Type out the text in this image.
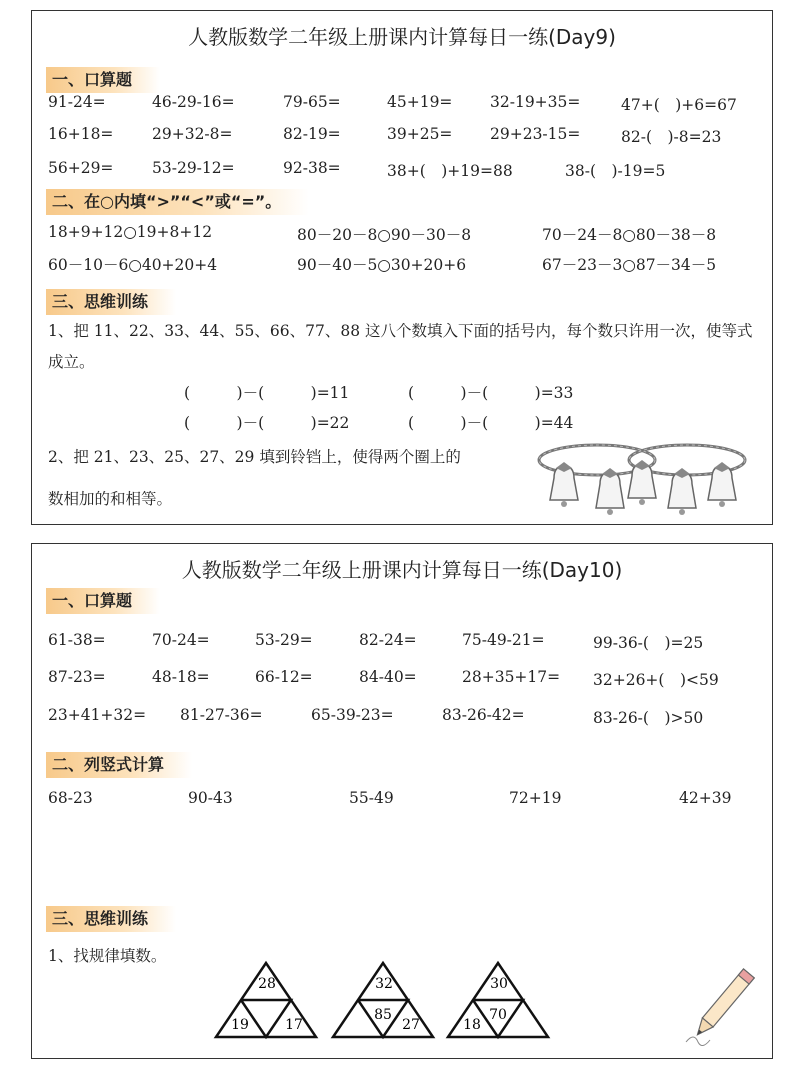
人教版数学二年级上册课内计算每日一练(Day9)
一、口算题
91-24=	46-29-16=	79-65=	45+19= 32-19+35=	47+(　)+6=67
16+18= 29+32-8=	82-19=	39+25= 29+23-15=	82-(　)-8=23
56+29= 53-29-12=	92-38=	38+(　)+19=88	38-(　)-19=5
二、在○内填“>”“<”或“=”。
18+9+12○19+8+12	80－20－8○90－30－8	70－24－8○80－38－8
60－10－6○40+20+4	90－40－5○30+20+6	67－23－3○87－34－5
三、思维训练
1、把 11、22、33、44、55、66、77、88 这八个数填入下面的括号内，每个数只许用一次，使等式成立。
(　　　)－(　　　)=11	(　　　)－(　　　)=33
(　　　)－(　　　)=22	(　　　)－(　　　)=44
2、把 21、23、25、27、29 填到铃铛上，使得两个圈上的
数相加的和相等。
人教版数学二年级上册课内计算每日一练(Day10)
一、口算题
61-38=	70-24=	53-29=	82-24=	75-49-21=	99-36-(　)=25
87-23=	48-18=	66-12=	84-40=	28+35+17= 32+26+(　)<59
23+41+32= 81-27-36=	65-39-23=	83-26-42=	83-26-(　)>50
二、列竖式计算
68-23	90-43	55-49	72+19	42+39
三、思维训练
1、找规律填数。
28
19	17
32
85
27
30
70
18
